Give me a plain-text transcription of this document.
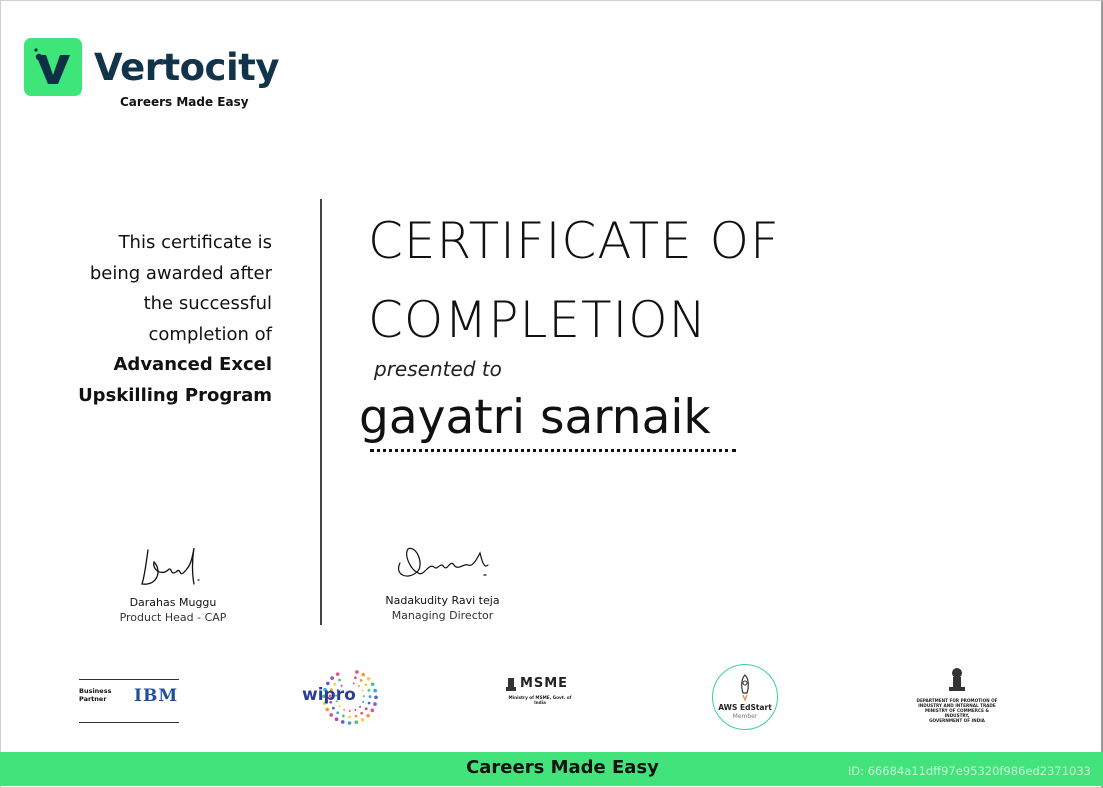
Vertocity
Careers Made Easy
This certificate is
being awarded after
the successful
completion of
Advanced Excel
Upskilling Program
CERTIFICATE OF
COMPLETION
presented to
gayatri sarnaik
Darahas Muggu
Product Head - CAP
Nadakudity Ravi teja
Managing Director
Business
Partner IBM	wipro
MSME
Ministry of MSME, Govt. of India
AWS EdStart
Member
DEPARTMENT FOR PROMOTION OF
INDUSTRY AND INTERNAL TRADE
MINISTRY OF COMMERCE & INDUSTRY,
GOVERNMENT OF INDIA
Careers Made Easy	ID: 66684a11dff97e95320f986ed2371033
